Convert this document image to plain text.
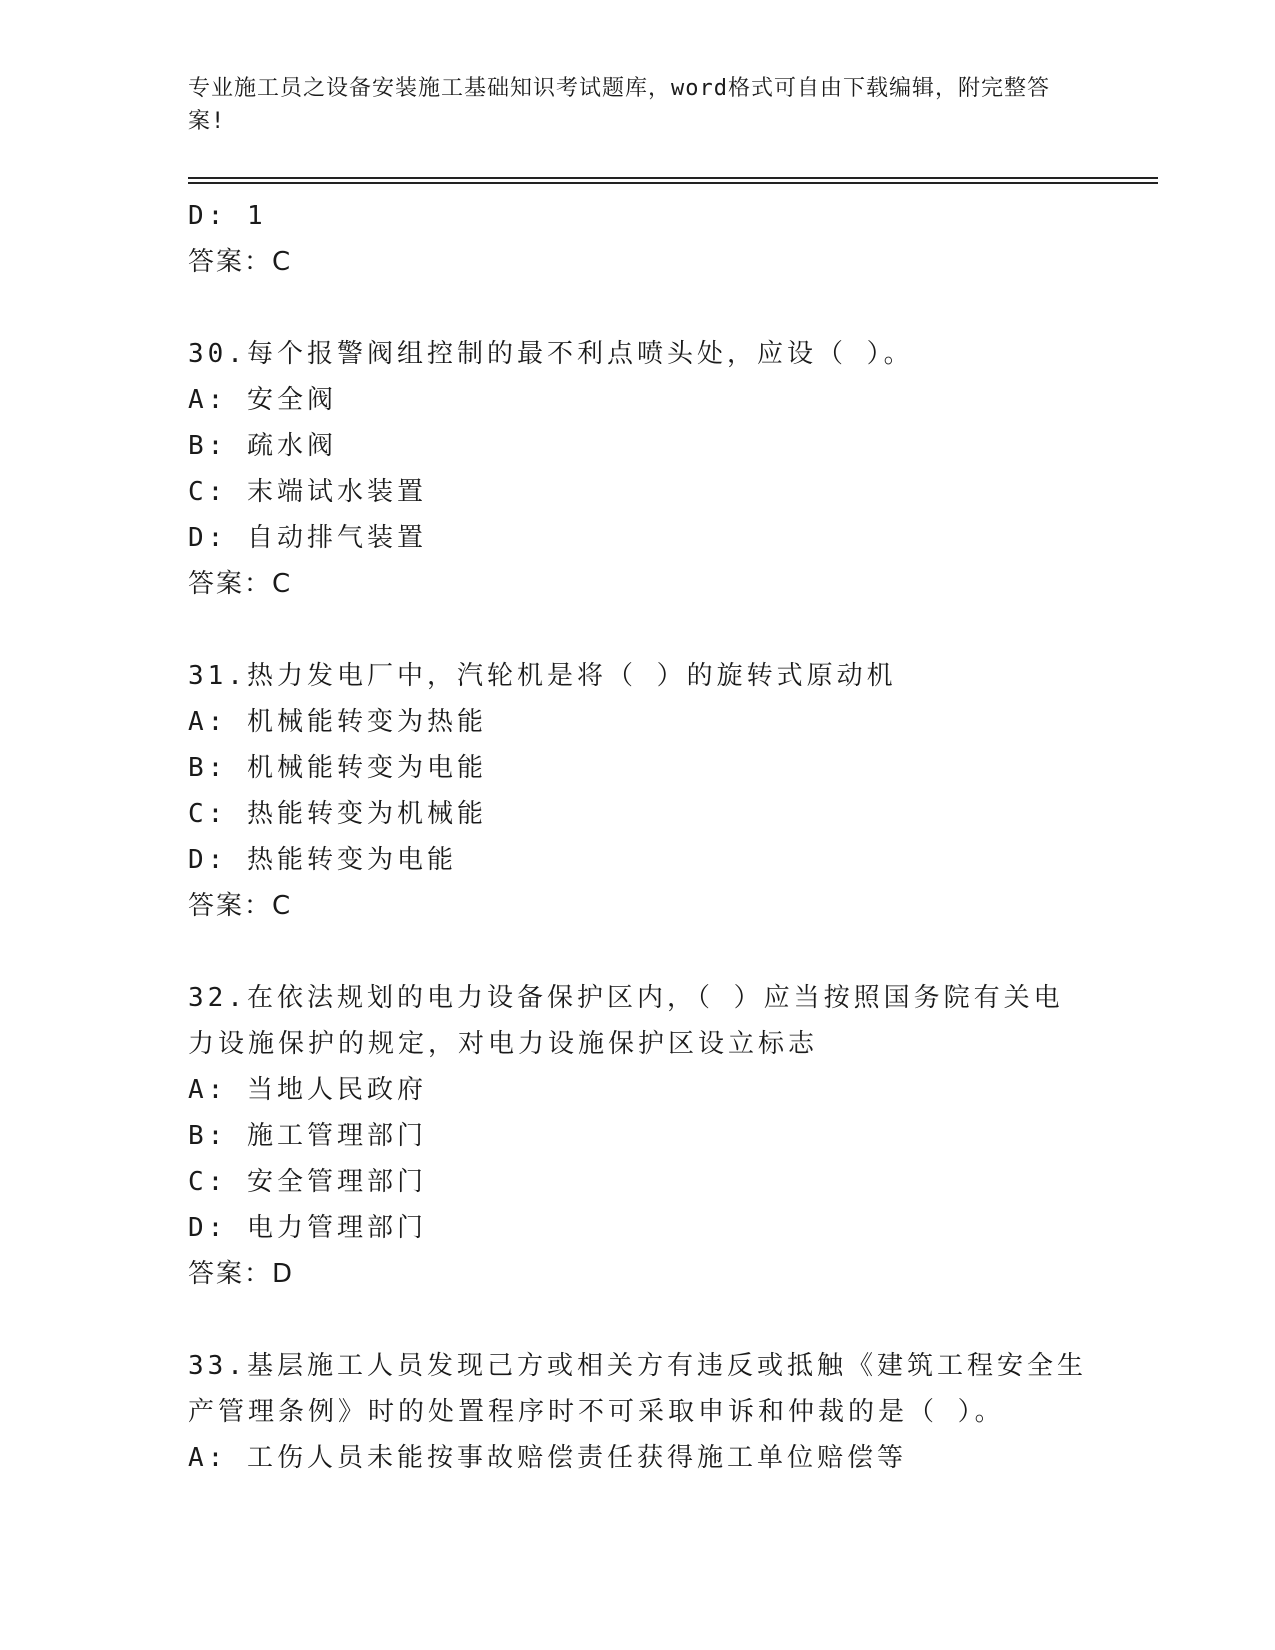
专业施工员之设备安装施工基础知识考试题库，word格式可自由下载编辑，附完整答案!
D: 1
答案：C
30.每个报警阀组控制的最不利点喷头处，应设（ ）。
A: 安全阀
B: 疏水阀
C: 末端试水装置
D: 自动排气装置
答案：C
31.热力发电厂中，汽轮机是将（ ）的旋转式原动机
A: 机械能转变为热能
B: 机械能转变为电能
C: 热能转变为机械能
D: 热能转变为电能
答案：C
32.在依法规划的电力设备保护区内，（ ）应当按照国务院有关电力设施保护的规定，对电力设施保护区设立标志
A: 当地人民政府
B: 施工管理部门
C: 安全管理部门
D: 电力管理部门
答案：D
33.基层施工人员发现己方或相关方有违反或抵触《建筑工程安全生产管理条例》时的处置程序时不可采取申诉和仲裁的是（ ）。
A: 工伤人员未能按事故赔偿责任获得施工单位赔偿等
